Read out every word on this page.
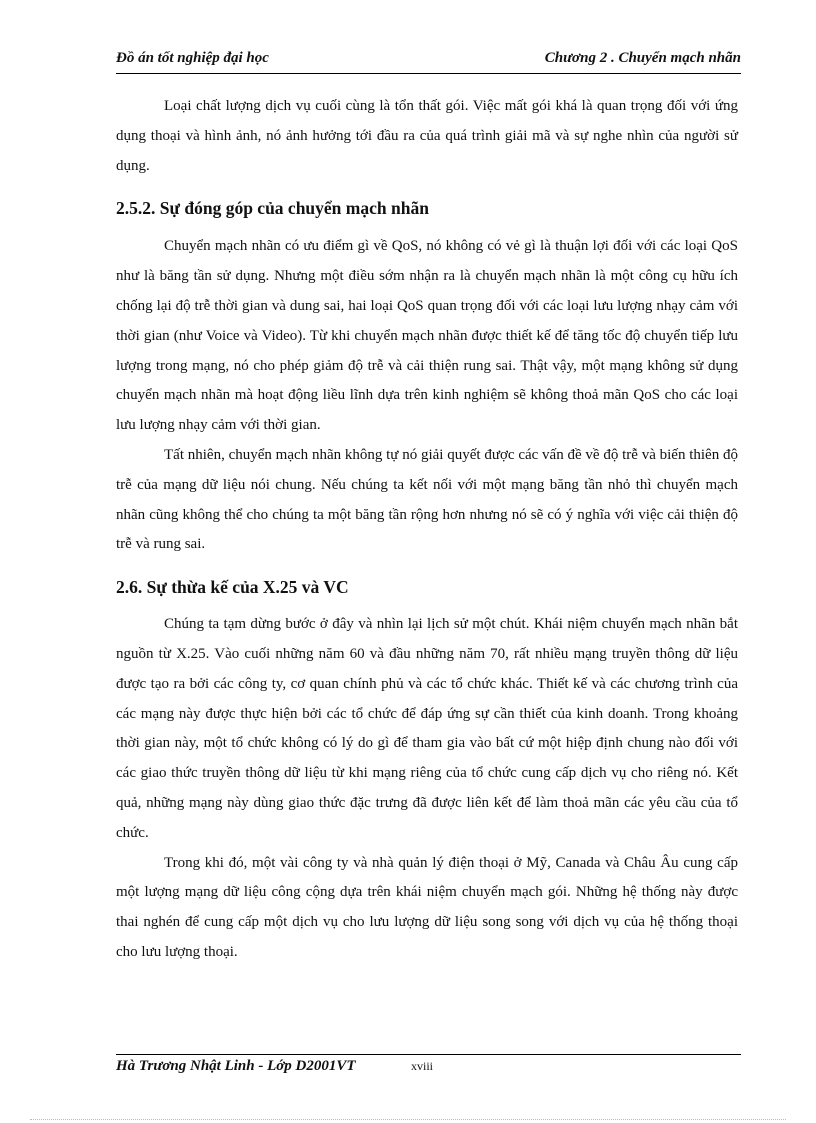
Đồ án tốt nghiệp đại học	Chương 2 . Chuyển mạch nhãn

Loại chất lượng dịch vụ cuối cùng là tổn thất gói. Việc mất gói khá là quan trọng đối với ứng dụng thoại và hình ảnh, nó ảnh hưởng tới đầu ra của quá trình giải mã và sự nghe nhìn của người sử dụng.

2.5.2. Sự đóng góp của chuyển mạch nhãn

Chuyển mạch nhãn có ưu điểm gì về QoS, nó không có vẻ gì là thuận lợi đối với các loại QoS như là băng tần sử dụng. Nhưng một điều sớm nhận ra là chuyển mạch nhãn là một công cụ hữu ích chống lại độ trễ thời gian và dung sai, hai loại QoS quan trọng đối với các loại lưu lượng nhạy cảm với thời gian (như Voice và Video). Từ khi chuyển mạch nhãn được thiết kế để tăng tốc độ chuyển tiếp lưu lượng trong mạng, nó cho phép giảm độ trễ và cải thiện rung sai. Thật vậy, một mạng không sử dụng chuyển mạch nhãn mà hoạt động liều lĩnh dựa trên kinh nghiệm sẽ không thoả mãn QoS cho các loại lưu lượng nhạy cảm với thời gian.

Tất nhiên, chuyển mạch nhãn không tự nó giải quyết được các vấn đề về độ trễ và biến thiên độ trễ của mạng dữ liệu nói chung. Nếu chúng ta kết nối với một mạng băng tần nhỏ thì chuyển mạch nhãn cũng không thể cho chúng ta một băng tần rộng hơn nhưng nó sẽ có ý nghĩa với việc cải thiện độ trễ và rung sai.

2.6. Sự thừa kế của X.25 và VC

Chúng ta tạm dừng bước ở đây và nhìn lại lịch sử một chút. Khái niệm chuyển mạch nhãn bắt nguồn từ X.25. Vào cuối những năm 60 và đầu những năm 70, rất nhiều mạng truyền thông dữ liệu được tạo ra bởi các công ty, cơ quan chính phủ và các tổ chức khác. Thiết kế và các chương trình của các mạng này được thực hiện bởi các tổ chức để đáp ứng sự cần thiết của kinh doanh. Trong khoảng thời gian này, một tổ chức không có lý do gì để tham gia vào bất cứ một hiệp định chung nào đối với các giao thức truyền thông dữ liệu từ khi mạng riêng của tổ chức cung cấp dịch vụ cho riêng nó. Kết quả, những mạng này dùng giao thức đặc trưng đã được liên kết để làm thoả mãn các yêu cầu của tổ chức.

Trong khi đó, một vài công ty và nhà quản lý điện thoại ở Mỹ, Canada và Châu Âu cung cấp một lượng mạng dữ liệu công cộng dựa trên khái niệm chuyển mạch gói. Những hệ thống này được thai nghén để cung cấp một dịch vụ cho lưu lượng dữ liệu song song với dịch vụ của hệ thống thoại cho lưu lượng thoại.

Hà Trương Nhật Linh - Lớp D2001VT	xviii
